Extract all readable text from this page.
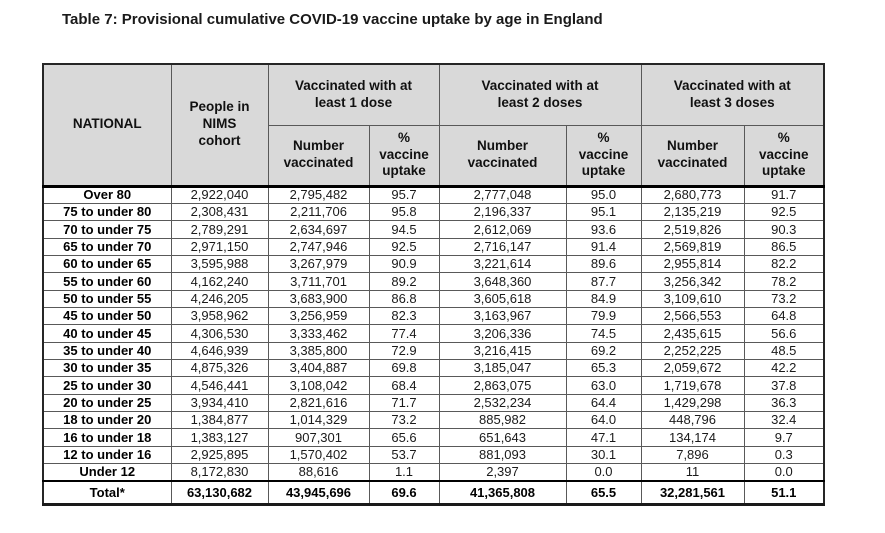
Table 7: Provisional cumulative COVID-19 vaccine uptake by age in England
NATIONAL	People in NIMS cohort	Vaccinated with at least 1 dose		Vaccinated with at least 2 doses		Vaccinated with at least 3 doses	
		Number vaccinated	% vaccine uptake	Number vaccinated	% vaccine uptake	Number vaccinated	% vaccine uptake
Over 80	2,922,040	2,795,482	95.7	2,777,048	95.0	2,680,773	91.7
75 to under 80	2,308,431	2,211,706	95.8	2,196,337	95.1	2,135,219	92.5
70 to under 75	2,789,291	2,634,697	94.5	2,612,069	93.6	2,519,826	90.3
65 to under 70	2,971,150	2,747,946	92.5	2,716,147	91.4	2,569,819	86.5
60 to under 65	3,595,988	3,267,979	90.9	3,221,614	89.6	2,955,814	82.2
55 to under 60	4,162,240	3,711,701	89.2	3,648,360	87.7	3,256,342	78.2
50 to under 55	4,246,205	3,683,900	86.8	3,605,618	84.9	3,109,610	73.2
45 to under 50	3,958,962	3,256,959	82.3	3,163,967	79.9	2,566,553	64.8
40 to under 45	4,306,530	3,333,462	77.4	3,206,336	74.5	2,435,615	56.6
35 to under 40	4,646,939	3,385,800	72.9	3,216,415	69.2	2,252,225	48.5
30 to under 35	4,875,326	3,404,887	69.8	3,185,047	65.3	2,059,672	42.2
25 to under 30	4,546,441	3,108,042	68.4	2,863,075	63.0	1,719,678	37.8
20 to under 25	3,934,410	2,821,616	71.7	2,532,234	64.4	1,429,298	36.3
18 to under 20	1,384,877	1,014,329	73.2	885,982	64.0	448,796	32.4
16 to under 18	1,383,127	907,301	65.6	651,643	47.1	134,174	9.7
12 to under 16	2,925,895	1,570,402	53.7	881,093	30.1	7,896	0.3
Under 12	8,172,830	88,616	1.1	2,397	0.0	11	0.0
Total*	63,130,682	43,945,696	69.6	41,365,808	65.5	32,281,561	51.1
